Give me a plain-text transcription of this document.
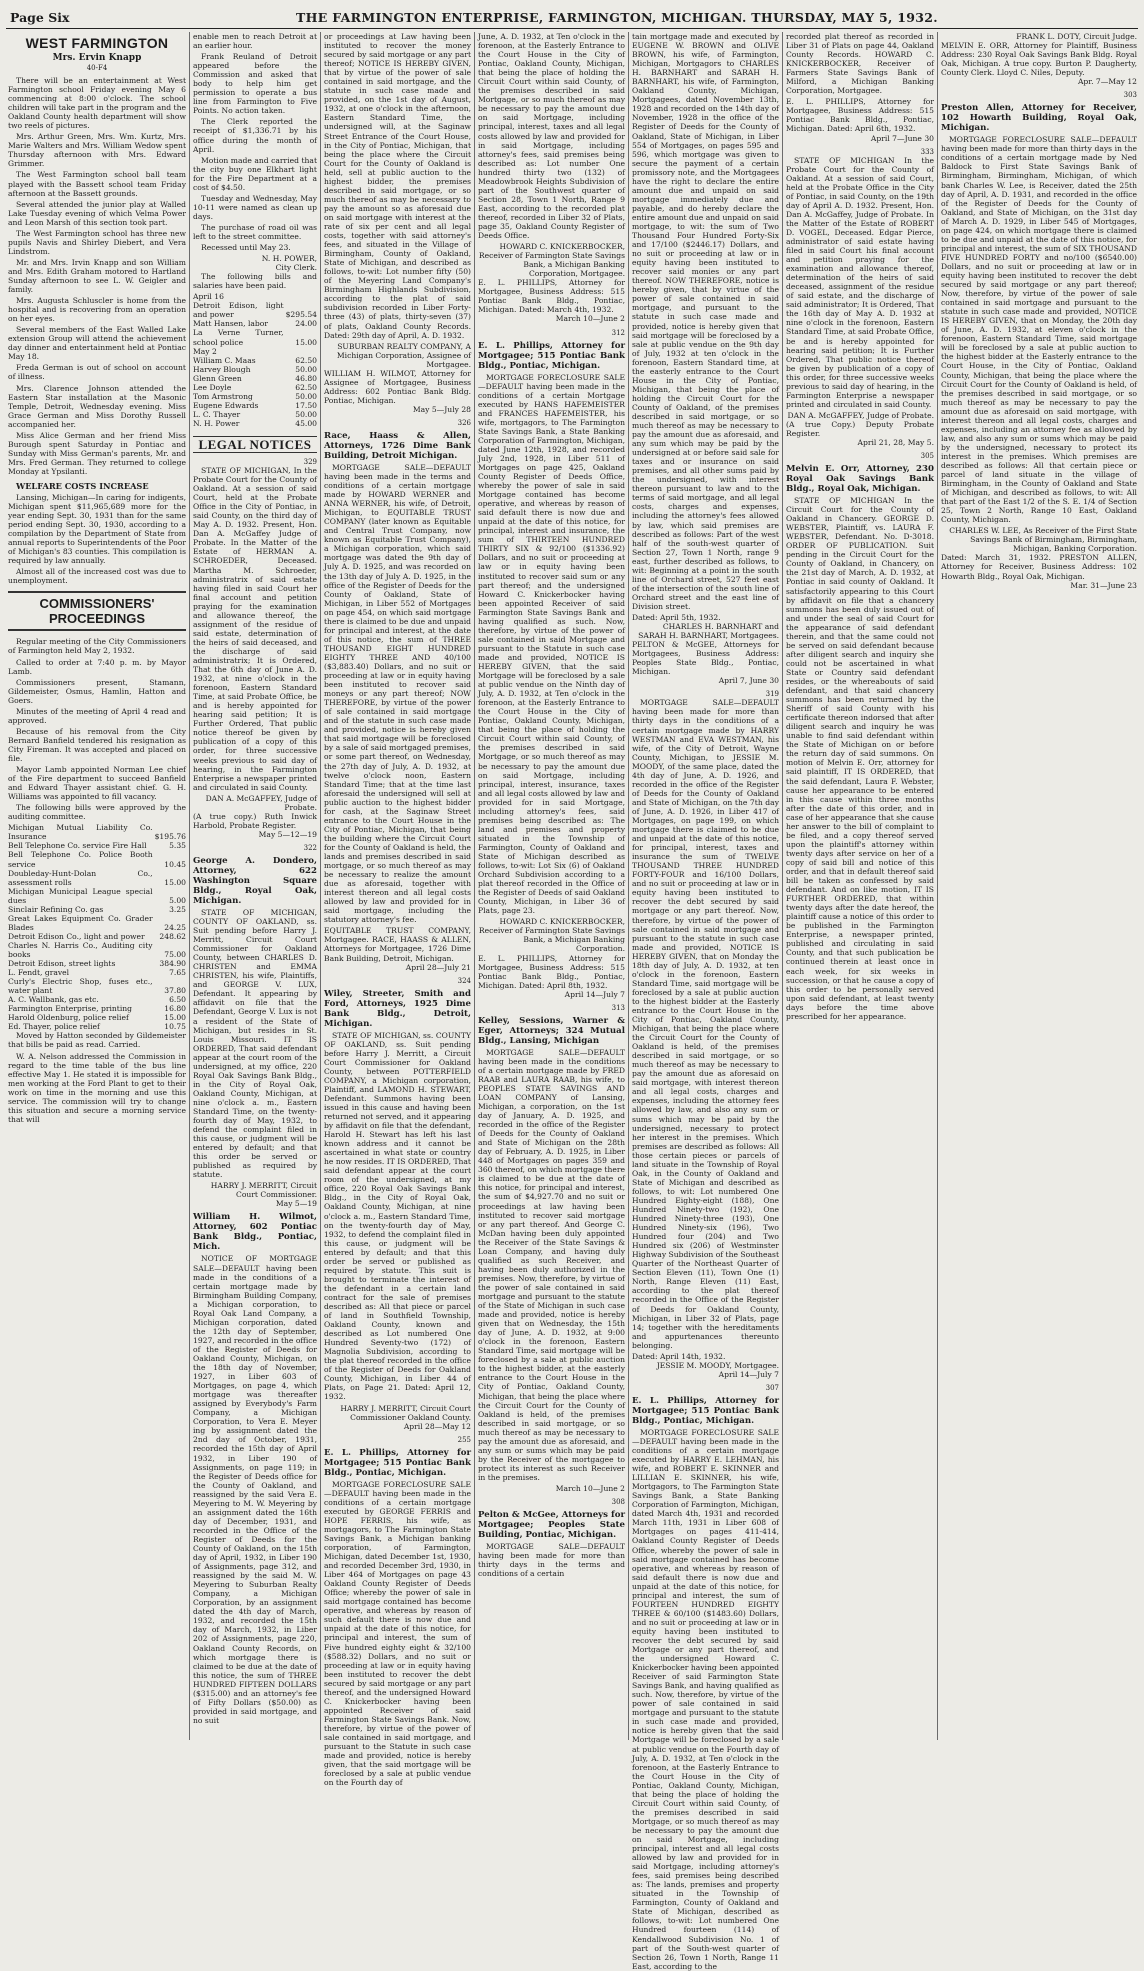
Page Six	THE FARMINGTON ENTERPRISE, FARMINGTON, MICHIGAN. THURSDAY, MAY 5, 1932.
WEST FARMINGTON
Mrs. Ervin Knapp
40-F4

There will be an entertainment at West Farmington school Friday evening May 6 commencing at 8:00 o'clock. The school children will take part in the program and the Oakland County health department will show two reels of pictures.

Mrs. Arthur Green, Mrs. Wm. Kurtz, Mrs. Marie Walters and Mrs. William Wedow spent Thursday afternoon with Mrs. Edward Grimmer.

The West Farmington school ball team played with the Bassett school team Friday afternoon at the Bassett grounds.

Several attended the junior play at Walled Lake Tuesday evening of which Velma Power and Leon Marsh of this section took part.

The West Farmington school has three new pupils Navis and Shirley Diebert, and Vera Lindstrom.

Mr. and Mrs. Irvin Knapp and son William and Mrs. Edith Graham motored to Hartland Sunday afternoon to see L. W. Geigler and family.

Mrs. Augusta Schluscler is home from the hospital and is recovering from an operation on her eyes.

Several members of the East Walled Lake extension Group will attend the achievement day dinner and entertainment held at Pontiac May 18.

Freda German is out of school on account of illness.

Mrs. Clarence Johnson attended the Eastern Star installation at the Masonic Temple, Detroit, Wednesday evening. Miss Grace German and Miss Dorothy Russell accompanied her.

Miss Alice German and her friend Miss Burough spent Saturday in Pontiac and Sunday with Miss German's parents, Mr. and Mrs. Fred German. They returned to college Monday at Ypsilanti.

WELFARE COSTS INCREASE

Lansing, Michigan—In caring for indigents, Michigan spent $11,965,689 more for the year ending Sept. 30, 1931 than for the same period ending Sept. 30, 1930, according to a compilation by the Department of State from annual reports to Superintendents of the Poor of Michigan's 83 counties. This compilation is required by law annually.

Almost all of the increased cost was due to unemployment.

COMMISSIONERS' PROCEEDINGS

Regular meeting of the City Commissioners of Farmington held May 2, 1932.

Called to order at 7:40 p. m. by Mayor Lamb.

Commissioners present, Stamann, Gildemeister, Osmus, Hamlin, Hatton and Goers.

Minutes of the meeting of April 4 read and approved.

Because of his removal from the City Bernard Banfield tendered his resignation as City Fireman. It was accepted and placed on file.

Mayor Lamb appointed Norman Lee chief of the Fire department to succeed Banfield and Edward Thayer assistant chief. G. H. Williams was appointed to fill vacancy.

The following bills were approved by the auditing committee.

Michigan Mutual Liability Co. Insurance	$195.76
Bell Telephone Co. service Fire Hall	5.35
Bell Telephone Co. Police Booth service	10.45
Doubleday-Hunt-Dolan Co., assessment rolls	15.00
Michigan Municipal League special dues	5.00
Sinclair Refining Co. gas	3.25
Great Lakes Equipment Co. Grader Blades	24.25
Detroit Edison Co., light and power	248.62
Charles N. Harris Co., Auditing city books	75.00
Detroit Edison, street lights	384.90
L. Fendt, gravel	7.65
Curly's Electric Shop, fuses etc., water plant	37.80
A. C. Wallbank, gas etc.	6.50
Farmington Enterprise, printing	16.80
Harold Oldenburg, police relief	15.00
Ed. Thayer, police relief	10.75

Moved by Hatton seconded by Gildemeister that bills be paid as read. Carried.

W. A. Nelson addressed the Commission in regard to the time table of the bus line effective May 1. He stated it is impossible for men working at the Ford Plant to get to their work on time in the morning and use this service. The commission will try to change this situation and secure a morning service that will

enable men to reach Detroit at an earlier hour.

Frank Reuland of Detroit appeared before the Commission and asked that body to help him get permission to operate a bus line from Farmington to Five Points. No action taken.

The Clerk reported the receipt of $1,336.71 by his office during the month of April.

Motion made and carried that the city buy one Elkhart light for the Fire Department at a cost of $4.50.

Tuesday and Wednesday, May 10-11 were named as clean up days.

The purchase of road oil was left to the street committee.

Recessed until May 23.

N. H. POWER,
City Clerk.

The following bills and salaries have been paid.

April 16
Detroit Edison, light and power	$295.54
Matt Hansen, labor	24.00
La Verne Turner, school police	15.00
May 2	
William C. Maas	62.50
Harvey Blough	50.00
Glenn Green	46.80
Lee Doyle	62.50
Tom Armstrong	50.00
Eugene Edwards	17.50
L. C. Thayer	50.00
N. H. Power	45.00
LEGAL NOTICES
329

STATE OF MICHIGAN, In the Probate Court for the County of Oakland. At a session of said Court, held at the Probate Office in the City of Pontiac, in said County, on the third day of May A. D. 1932. Present, Hon. Dan A. McGaffey Judge of Probate. In the Matter of the Estate of HERMAN A. SCHROEDER, Deceased. Martha M. Schroeder, administratrix of said estate having filed in said Court her final account and petition praying for the examination and allowance thereof, the assignment of the residue of said estate, determination of the heirs of said deceased, and the discharge of said administratrix; It is Ordered, That the 6th day of June A. D. 1932, at nine o'clock in the forenoon, Eastern Standard Time, at said Probate Office, be and is hereby appointed for hearing said petition; It is Further Ordered, That public notice thereof be given by publication of a copy of this order, for three successive weeks previous to said day of hearing, in the Farmington Enterprise a newspaper printed and circulated in said County.

DAN A. McGAFFEY, Judge of Probate.
(A true copy.) Ruth Inwick Harbold, Probate Register.
May 5—12—19
322
George A. Dondero, Attorney, 622 Washington Square Bldg., Royal Oak, Michigan.

STATE OF MICHIGAN, COUNTY OF OAKLAND, ss. Suit pending before Harry J. Merritt, Circuit Court Commissioner for Oakland County, between CHARLES D. CHRISTEN and EMMA CHRISTEN, his wife, Plaintiffs, and GEORGE V. LUX, Defendant. It appearing by affidavit on file that the Defendant, George V. Lux is not a resident of the State of Michigan, but resides in St. Louis Missouri. IT IS ORDERED, That said defendant appear at the court room of the undersigned, at my office, 220 Royal Oak Savings Bank Bldg., in the City of Royal Oak, Oakland County, Michigan, at nine o'clock a. m., Eastern Standard Time, on the twenty-fourth day of May, 1932, to defend the complaint filed in this cause, or judgment will be entered by default; and that this order be served or published as required by statute.

HARRY J. MERRITT, Circuit Court Commissioner.
May 5—19
William H. Wilmot, Attorney, 602 Pontiac Bank Bldg., Pontiac, Mich.

NOTICE OF MORTGAGE SALE—DEFAULT having been made in the conditions of a certain mortgage made by Birmingham Building Company, a Michigan corporation, to Royal Oak Land Company, a Michigan corporation, dated the 12th day of September, 1927, and recorded in the office of the Register of Deeds for Oakland County, Michigan, on the 18th day of November, 1927, in Liber 603 of Mortgages, on page 4, which mortgage was thereafter assigned by Everybody's Farm Company, a Michigan Corporation, to Vera E. Meyer ing by assignment dated the 2nd day of October, 1931, recorded the 15th day of April 1932, in Liber 190 of Assignments, on page 119; in the Register of Deeds office for the County of Oakland, and reassigned by the said Vera E. Meyering to M. W. Meyering by an assignment dated the 16th day of December, 1931, and recorded in the Office of the Register of Deeds for the County of Oakland, on the 15th day of April, 1932, in Liber 190 of Assignments, page 312, and reassigned by the said M. W. Meyering to Suburban Realty Company, a Michigan Corporation, by an assignment dated the 4th day of March, 1932, and recorded the 15th day of March, 1932, in Liber 202 of Assignments, page 220, Oakland County Records, on which mortgage there is claimed to be due at the date of this notice, the sum of THREE HUNDRED FIFTEEN DOLLARS ($315.00) and an attorney's fee of Fifty Dollars ($50.00) as provided in said mortgage, and no suit

or proceedings at Law having been instituted to recover the money secured by said mortgage or any part thereof; NOTICE IS HEREBY GIVEN, that by virtue of the power of sale contained in said mortgage, and the statute in such case made and provided, on the 1st day of August, 1932, at one o'clock in the afternoon, Eastern Standard Time, the undersigned will, at the Saginaw Street Entrance of the Court House, in the City of Pontiac, Michigan, that being the place where the Circuit Court for the County of Oakland is held, sell at public auction to the highest bidder, the premises described in said mortgage, or so much thereof as may be necessary to pay the amount so as aforesaid due on said mortgage with interest at the rate of six per cent and all legal costs, together with said attorney's fees, and situated in the Village of Birmingham, County of Oakland, State of Michigan, and described as follows, to-wit: Lot number fifty (50) of the Meyering Land Company's Birmingham Highlands Subdivision, according to the plat of said subdivision recorded in Liber Forty-three (43) of plats, thirty-seven (37) of plats, Oakland County Records. Dated: 29th day of April, A. D. 1932.

SUBURBAN REALTY COMPANY, A Michigan Corporation, Assignee of Mortgagee.
WILLIAM H. WILMOT, Attorney for Assignee of Mortgagee, Business Address: 602 Pontiac Bank Bldg. Pontiac, Michigan.
May 5—July 28
326
Race, Haass & Allen, Attorneys, 1726 Dime Bank Building, Detroit Michigan.

MORTGAGE SALE—DEFAULT having been made in the terms and conditions of a certain mortgage made by HOWARD WERNER and ANNA WERNER, his wife, of Detroit, Michigan, to EQUITABLE TRUST COMPANY (later known as Equitable and Central Trust Company, now known as Equitable Trust Company), a Michigan corporation, which said mortgage was dated the 9th day of July A. D. 1925, and was recorded on the 13th day of July A. D. 1925, in the office of the Register of Deeds for the County of Oakland, State of Michigan, in Liber 552 of Mortgages on page 454, on which said mortgage there is claimed to be due and unpaid for principal and interest, at the date of this notice, the sum of THREE THOUSAND EIGHT HUNDRED EIGHTY THREE AND 40/100 ($3,883.40) Dollars, and no suit or proceeding at law or in equity having been instituted to recover said moneys or any part thereof; NOW THEREFORE, by virtue of the power of sale contained in said mortgage and of the statute in such case made and provided, notice is hereby given that said mortgage will be foreclosed by a sale of said mortgaged premises, or some part thereof, on Wednesday, the 27th day of July, A. D. 1932, at twelve o'clock noon, Eastern Standard Time; that at the time last aforesaid the undersigned will sell at public auction to the highest bidder for cash, at the Saginaw Street entrance to the Court House in the City of Pontiac, Michigan, that being the building where the Circuit Court for the County of Oakland is held, the lands and premises described in said mortgage, or so much thereof as may be necessary to realize the amount due as aforesaid, together with interest thereon and all legal costs allowed by law and provided for in said mortgage, including the statutory attorney's fee.

EQUITABLE TRUST COMPANY, Mortgagee. RACE, HAASS & ALLEN, Attorneys for Mortgagee, 1726 Dime Bank Building, Detroit, Michigan.
April 28—July 21
324
Wiley, Streeter, Smith and Ford, Attorneys, 1925 Dime Bank Bldg., Detroit, Michigan.

STATE OF MICHIGAN, ss. COUNTY OF OAKLAND, ss. Suit pending before Harry J. Merritt, a Circuit Court Commissioner for Oakland County, between POTTERFIELD COMPANY, a Michigan corporation, Plaintiff, and LAMOND H. STEWART, Defendant. Summons having been issued in this cause and having been returned not served, and it appearing by affidavit on file that the defendant, Harold H. Stewart has left his last known address and it cannot be ascertained in what state or country he now resides. IT IS ORDERED, That said defendant appear at the court room of the undersigned, at my office, 220 Royal Oak Savings Bank Bldg., in the City of Royal Oak, Oakland County, Michigan, at nine o'clock a. m., Eastern Standard Time, on the twenty-fourth day of May, 1932, to defend the complaint filed in this cause, or judgment will be entered by default; and that this order be served or published as required by statute. This suit is brought to terminate the interest of the defendant in a certain land contract for the sale of premises described as: All that piece or parcel of land in Southfield Township, Oakland County, known and described as Lot numbered One Hundred Seventy-two (172) of Magnolia Subdivision, according to the plat thereof recorded in the office of the Register of Deeds for Oakland County, Michigan, in Liber 44 of Plats, on Page 21. Dated: April 12, 1932.

HARRY J. MERRITT, Circuit Court Commissioner Oakland County.
April 28—May 12
255
E. L. Phillips, Attorney for Mortgagee; 515 Pontiac Bank Bldg., Pontiac, Michigan.

MORTGAGE FORECLOSURE SALE—DEFAULT having been made in the conditions of a certain mortgage executed by GEORGE FERRIS and HOPE FERRIS, his wife, as mortgagors, to The Farmington State Savings Bank, a Michigan banking corporation, of Farmington, Michigan, dated December 1st, 1930, and recorded December 3rd, 1930, in Liber 464 of Mortgages on page 43 Oakland County Register of Deeds Office; whereby the power of sale in said mortgage contained has become operative, and whereas by reason of such default there is now due and unpaid at the date of this notice, for principal and interest, the sum of Five hundred eighty eight & 32/100 ($588.32) Dollars, and no suit or proceeding at law or in equity having been instituted to recover the debt secured by said mortgage or any part thereof, and the undersigned Howard C. Knickerbocker having been appointed Receiver of said Farmington State Savings Bank. Now, therefore, by virtue of the power of sale contained in said mortgage, and pursuant to the Statute in such case made and provided, notice is hereby given, that the said mortgage will be foreclosed by a sale at public vendue on the Fourth day of

June, A. D. 1932, at Ten o'clock in the forenoon, at the Easterly Entrance to the Court House in the City of Pontiac, Oakland County, Michigan, that being the place of holding the Circuit Court within said County, of the premises described in said Mortgage, or so much thereof as may be necessary to pay the amount due on said Mortgage, including principal, interest, taxes and all legal costs allowed by law and provided for in said Mortgage, including attorney's fees, said premises being described as: Lot number One hundred thirty two (132) of Meadowbrook Heights Subdivision of part of the Southwest quarter of Section 28, Town 1 North, Range 9 East, according to the recorded plat thereof, recorded in Liber 32 of Plats, page 35, Oakland County Register of Deeds Office.

HOWARD C. KNICKERBOCKER, Receiver of Farmington State Savings Bank, a Michigan Banking Corporation, Mortgagee.
E. L. PHILLIPS, Attorney for Mortgagee, Business Address: 515 Pontiac Bank Bldg., Pontiac, Michigan. Dated: March 4th, 1932.
March 10—June 2
312
E. L. Phillips, Attorney for Mortgagee; 515 Pontiac Bank Bldg., Pontiac, Michigan.

MORTGAGE FORECLOSURE SALE—DEFAULT having been made in the conditions of a certain Mortgage executed by HANS HAFEMEISTER and FRANCES HAFEMEISTER, his wife, mortgagors, to The Farmington State Savings Bank, a State Banking Corporation of Farmington, Michigan, dated June 12th, 1928, and recorded July 2nd, 1928, in Liber 511 of Mortgages on page 425, Oakland County Register of Deeds Office, whereby the power of sale in said Mortgage contained has become operative, and whereas by reason of said default there is now due and unpaid at the date of this notice, for principal, interest and insurance, the sum of THIRTEEN HUNDRED THIRTY SIX & 92/100 ($1336.92) Dollars, and no suit or proceeding at law or in equity having been instituted to recover said sum or any part thereof; and the undersigned Howard C. Knickerbocker having been appointed Receiver of said Farmington State Savings Bank and having qualified as such. Now, therefore, by virtue of the power of sale contained in said Mortgage and pursuant to the Statute in such case made and provided, NOTICE IS HEREBY GIVEN, that the said Mortgage will be foreclosed by a sale at public vendue on the Ninth day of July, A. D. 1932, at Ten o'clock in the forenoon, at the Easterly Entrance to the Court House in the City of Pontiac, Oakland County, Michigan, that being the place of holding the Circuit Court within said County, of the premises described in said Mortgage, or so much thereof as may be necessary to pay the amount due on said Mortgage, including principal, interest, insurance, taxes and all legal costs allowed by law and provided for in said Mortgage, including attorney's fees, said premises being described as: The land and premises and property situated in the Township of Farmington, County of Oakland and State of Michigan described as follows, to-wit: Lot Six (6) of Oakland Orchard Subdivision according to a plat thereof recorded in the Office of the Register of Deeds of said Oakland County, Michigan, in Liber 36 of Plats, page 23.

HOWARD C. KNICKERBOCKER, Receiver of Farmington State Savings Bank, a Michigan Banking Corporation.
E. L. PHILLIPS, Attorney for Mortgagee, Business Address: 515 Pontiac Bank Bldg., Pontiac, Michigan. Dated: April 8th, 1932.
April 14—July 7
313
Kelley, Sessions, Warner & Eger, Attorneys; 324 Mutual Bldg., Lansing, Michigan

MORTGAGE SALE—DEFAULT having been made in the conditions of a certain mortgage made by FRED RAAB and LAURA RAAB, his wife, to PEOPLES STATE SAVINGS AND LOAN COMPANY of Lansing, Michigan, a corporation, on the 1st day of January, A. D. 1925, and recorded in the office of the Register of Deeds for the County of Oakland and State of Michigan on the 28th day of February, A. D. 1925, in Liber 448 of Mortgages on pages 359 and 360 thereof, on which mortgage there is claimed to be due at the date of this notice, for principal and interest, the sum of $4,927.70 and no suit or proceedings at law having been instituted to recover said mortgage or any part thereof. And George C. McDan having been duly appointed the Receiver of the State Savings & Loan Company, and having duly qualified as such Receiver, and having been duly authorized in the premises. Now, therefore, by virtue of the power of sale contained in said mortgage and pursuant to the statute of the State of Michigan in such case made and provided, notice is hereby given that on Wednesday, the 15th day of June, A. D. 1932, at 9:00 o'clock in the forenoon, Eastern Standard Time, said mortgage will be foreclosed by a sale at public auction to the highest bidder, at the easterly entrance to the Court House in the City of Pontiac, Oakland County, Michigan, that being the place where the Circuit Court for the County of Oakland is held, of the premises described in said mortgage, or so much thereof as may be necessary to pay the amount due as aforesaid, and any sum or sums which may be paid by the Receiver of the mortgagee to protect its interest as such Receiver in the premises.

March 10—June 2
308
Pelton & McGee, Attorneys for Mortgagee; Peoples State Building, Pontiac, Michigan.

MORTGAGE SALE—DEFAULT having been made for more than thirty days in the terms and conditions of a certain

tain mortgage made and executed by EUGENE W. BROWN and OLIVE BROWN, his wife, of Farmington, Michigan, Mortgagors to CHARLES H. BARNHART and SARAH H. BARNHART, his wife, of Farmington, Oakland County, Michigan, Mortgagees, dated November 13th, 1928 and recorded on the 14th day of November, 1928 in the office of the Register of Deeds for the County of Oakland, State of Michigan, in Liber 554 of Mortgages, on pages 595 and 596, which mortgage was given to secure the payment of a certain promissory note, and the Mortgagees have the right to declare the entire amount due and unpaid on said mortgage immediately due and payable, and do hereby declare the entire amount due and unpaid on said mortgage, to wit: the sum of Two Thousand Four Hundred Forty-Six and 17/100 ($2446.17) Dollars, and no suit or proceeding at law or in equity having been instituted to recover said monies or any part thereof. NOW THEREFORE, notice is hereby given, that by virtue of the power of sale contained in said mortgage, and pursuant to the statute in such case made and provided, notice is hereby given that said mortgage will be foreclosed by a sale at public vendue on the 9th day of July, 1932 at ten o'clock in the forenoon, Eastern Standard time, at the easterly entrance to the Court House in the City of Pontiac, Michigan, that being the place of holding the Circuit Court for the County of Oakland, of the premises described in said mortgage, or so much thereof as may be necessary to pay the amount due as aforesaid, and any sum which may be paid by the undersigned at or before said sale for taxes and or insurance on said premises, and all other sums paid by the undersigned, with interest thereon pursuant to law and to the terms of said mortgage, and all legal costs, charges and expenses, including the attorney's fees allowed by law, which said premises are described as follows: Part of the west half of the south-west quarter of Section 27, Town 1 North, range 9 east, further described as follows, to wit: Beginning at a point in the south line of Orchard street, 527 feet east of the intersection of the south line of Orchard street and the east line of Division street.

Dated: April 5th, 1932.
CHARLES H. BARNHART and SARAH H. BARNHART, Mortgagees.
PELTON & McGEE, Attorneys for Mortgagees, Business Address: Peoples State Bldg., Pontiac, Michigan.
April 7, June 30
319

MORTGAGE SALE—DEFAULT having been made for more than thirty days in the conditions of a certain mortgage made by HARRY WESTMAN and EVA WESTMAN, his wife, of the City of Detroit, Wayne County, Michigan, to JESSIE M. MOODY, of the same place, dated the 4th day of June, A. D. 1926, and recorded in the office of the Register of Deeds for the County of Oakland and State of Michigan, on the 7th day of June, A. D. 1926, in Liber 417 of Mortgages, on page 199, on which mortgage there is claimed to be due and unpaid at the date of this notice, for principal, interest, taxes and insurance the sum of TWELVE THOUSAND THREE HUNDRED FORTY-FOUR and 16/100 Dollars, and no suit or proceeding at law or in equity having been instituted to recover the debt secured by said mortgage or any part thereof. Now, therefore, by virtue of the power of sale contained in said mortgage and pursuant to the statute in such case made and provided, NOTICE IS HEREBY GIVEN, that on Monday the 18th day of July, A. D. 1932, at ten o'clock in the forenoon, Eastern Standard Time, said mortgage will be foreclosed by a sale at public auction to the highest bidder at the Easterly entrance to the Court House in the City of Pontiac, Oakland County, Michigan, that being the place where the Circuit Court for the County of Oakland is held, of the premises described in said mortgage, or so much thereof as may be necessary to pay the amount due as aforesaid on said mortgage, with interest thereon and all legal costs, charges and expenses, including the attorney fees allowed by law, and also any sum or sums which may be paid by the undersigned, necessary to protect her interest in the premises. Which premises are described as follows: All those certain pieces or parcels of land situate in the Township of Royal Oak, in the County of Oakland and State of Michigan and described as follows, to wit: Lot numbered One Hundred Eighty-eight (188), One Hundred Ninety-two (192), One Hundred Ninety-three (193), One Hundred Ninety-six (196), Two Hundred four (204) and Two Hundred six (206) of Westminster Highway Subdivision of the Southeast Quarter of the Northeast Quarter of Section Eleven (11), Town One (1) North, Range Eleven (11) East, according to the plat thereof recorded in the Office of the Register of Deeds for Oakland County, Michigan, in Liber 32 of Plats, page 14; together with the hereditaments and appurtenances thereunto belonging.

Dated: April 14th, 1932.
JESSIE M. MOODY, Mortgagee.
April 14—July 7
307
E. L. Phillips, Attorney for Mortgagee; 515 Pontiac Bank Bldg., Pontiac, Michigan.

MORTGAGE FORECLOSURE SALE—DEFAULT having been made in the conditions of a certain mortgage executed by HARRY E. LEHMAN, his wife, and ROBERT E. SKINNER and LILLIAN E. SKINNER, his wife, Mortgagors, to The Farmington State Savings Bank, a State Banking Corporation of Farmington, Michigan, dated March 4th, 1931 and recorded March 11th, 1931 in Liber 608 of Mortgages on pages 411-414, Oakland County Register of Deeds Office, whereby the power of sale in said mortgage contained has become operative, and whereas by reason of said default there is now due and unpaid at the date of this notice, for principal and interest, the sum of FOURTEEN HUNDRED EIGHTY THREE & 60/100 ($1483.60) Dollars, and no suit or proceeding at law or in equity having been instituted to recover the debt secured by said Mortgage or any part thereof, and the undersigned Howard C. Knickerbocker having been appointed Receiver of said Farmington State Savings Bank, and having qualified as such. Now, therefore, by virtue of the power of sale contained in said mortgage and pursuant to the statute in such case made and provided, notice is hereby given that the said Mortgage will be foreclosed by a sale at public vendue on the Fourth day of July, A. D. 1932, at Ten o'clock in the forenoon, at the Easterly Entrance to the Court House in the City of Pontiac, Oakland County, Michigan, that being the place of holding the Circuit Court within said County, of the premises described in said Mortgage, or so much thereof as may be necessary to pay the amount due on said Mortgage, including principal, interest and all legal costs allowed by law and provided for in said Mortgage, including attorney's fees, said premises being described as: The lands, premises and property situated in the Township of Farmington, County of Oakland and State of Michigan, described as follows, to-wit: Lot numbered One Hundred fourteen (114) of Kendallwood Subdivision No. 1 of part of the South-west quarter of Section 26, Town 1 North, Range 11 East, according to the

recorded plat thereof as recorded in Liber 31 of Plats on page 44, Oakland County Records. HOWARD C. KNICKERBOCKER, Receiver of Farmers State Savings Bank of Milford, a Michigan Banking Corporation, Mortgagee.

E. L. PHILLIPS, Attorney for Mortgagee, Business Address: 515 Pontiac Bank Bldg., Pontiac, Michigan. Dated: April 6th, 1932.
April 7—June 30
333

STATE OF MICHIGAN In the Probate Court for the County of Oakland. At a session of said Court, held at the Probate Office in the City of Pontiac, in said County, on the 19th day of April A. D. 1932. Present, Hon. Dan A. McGaffey, Judge of Probate. In the Matter of the Estate of ROBERT D. VOGEL, Deceased. Edgar Pierce, administrator of said estate having filed in said Court his final account and petition praying for the examination and allowance thereof, determination of the heirs of said deceased, assignment of the residue of said estate, and the discharge of said administrator; It is Ordered, That the 16th day of May A. D. 1932 at nine o'clock in the forenoon, Eastern Standard Time, at said Probate Office, be and is hereby appointed for hearing said petition; It is Further Ordered, That public notice thereof be given by publication of a copy of this order, for three successive weeks previous to said day of hearing, in the Farmington Enterprise a newspaper printed and circulated in said County.

DAN A. McGAFFEY, Judge of Probate.
(A true Copy.) Deputy Probate Register.
April 21, 28, May 5.
305
Melvin E. Orr, Attorney, 230 Royal Oak Savings Bank Bldg., Royal Oak, Michigan.

STATE OF MICHIGAN In the Circuit Court for the County of Oakland in Chancery. GEORGE D. WEBSTER, Plaintiff, vs. LAURA F. WEBSTER, Defendant. No. D-3018. ORDER OF PUBLICATION. Suit pending in the Circuit Court for the County of Oakland, in Chancery, on the 21st day of March, A. D. 1932, at Pontiac in said county of Oakland. It satisfactorily appearing to this Court by affidavit on file that a chancery summons has been duly issued out of and under the seal of said Court for the appearance of said defendant therein, and that the same could not be served on said defendant because after diligent search and inquiry she could not be ascertained in what State or Country said defendant resides, or the whereabouts of said defendant, and that said chancery summons has been returned by the Sheriff of said County with his certificate thereon indorsed that after diligent search and inquiry he was unable to find said defendant within the State of Michigan on or before the return day of said summons. On motion of Melvin E. Orr, attorney for said plaintiff, IT IS ORDERED, that the said defendant, Laura F. Webster, cause her appearance to be entered in this cause within three months after the date of this order, and in case of her appearance that she cause her answer to the bill of complaint to be filed, and a copy thereof served upon the plaintiff's attorney within twenty days after service on her of a copy of said bill and notice of this order, and that in default thereof said bill be taken as confessed by said defendant. And on like motion, IT IS FURTHER ORDERED, that within twenty days after the date hereof, the plaintiff cause a notice of this order to be published in the Farmington Enterprise, a newspaper printed, published and circulating in said County, and that such publication be continued therein at least once in each week, for six weeks in succession, or that he cause a copy of this order to be personally served upon said defendant, at least twenty days before the time above prescribed for her appearance.

FRANK L. DOTY, Circuit Judge.
MELVIN E. ORR, Attorney for Plaintiff, Business Address: 230 Royal Oak Savings Bank Bldg. Royal Oak, Michigan. A true copy. Burton P. Daugherty, County Clerk. Lloyd C. Niles, Deputy.
Apr. 7—May 12
303
Preston Allen, Attorney for Receiver, 102 Howarth Building, Royal Oak, Michigan.

MORTGAGE FORECLOSURE SALE—DEFAULT having been made for more than thirty days in the conditions of a certain mortgage made by Ned Baldock to First State Savings Bank of Birmingham, Birmingham, Michigan, of which bank Charles W. Lee, is Receiver, dated the 25th day of April, A. D. 1931, and recorded in the office of the Register of Deeds for the County of Oakland, and State of Michigan, on the 31st day of March A. D. 1929, in Liber 545 of Mortgages, on page 424, on which mortgage there is claimed to be due and unpaid at the date of this notice, for principal and interest, the sum of SIX THOUSAND FIVE HUNDRED FORTY and no/100 ($6540.00) Dollars, and no suit or proceeding at law or in equity having been instituted to recover the debt secured by said mortgage or any part thereof; Now, therefore, by virtue of the power of sale contained in said mortgage and pursuant to the statute in such case made and provided, NOTICE IS HEREBY GIVEN, that on Monday, the 20th day of June, A. D. 1932, at eleven o'clock in the forenoon, Eastern Standard Time, said mortgage will be foreclosed by a sale at public auction to the highest bidder at the Easterly entrance to the Court House, in the City of Pontiac, Oakland County, Michigan, that being the place where the Circuit Court for the County of Oakland is held, of the premises described in said mortgage, or so much thereof as may be necessary to pay the amount due as aforesaid on said mortgage, with interest thereon and all legal costs, charges and expenses, including an attorney fee as allowed by law, and also any sum or sums which may be paid by the undersigned, necessary to protect its interest in the premises. Which premises are described as follows: All that certain piece or parcel of land situate in the village of Birmingham, in the County of Oakland and State of Michigan, and described as follows, to wit: All that part of the East 1/2 of the S. E. 1/4 of Section 25, Town 2 North, Range 10 East, Oakland County, Michigan.

CHARLES W. LEE, As Receiver of the First State Savings Bank of Birmingham, Birmingham, Michigan, Banking Corporation.
Dated: March 31, 1932. PRESTON ALLEN, Attorney for Receiver, Business Address: 102 Howarth Bldg., Royal Oak, Michigan.
Mar. 31—June 23
